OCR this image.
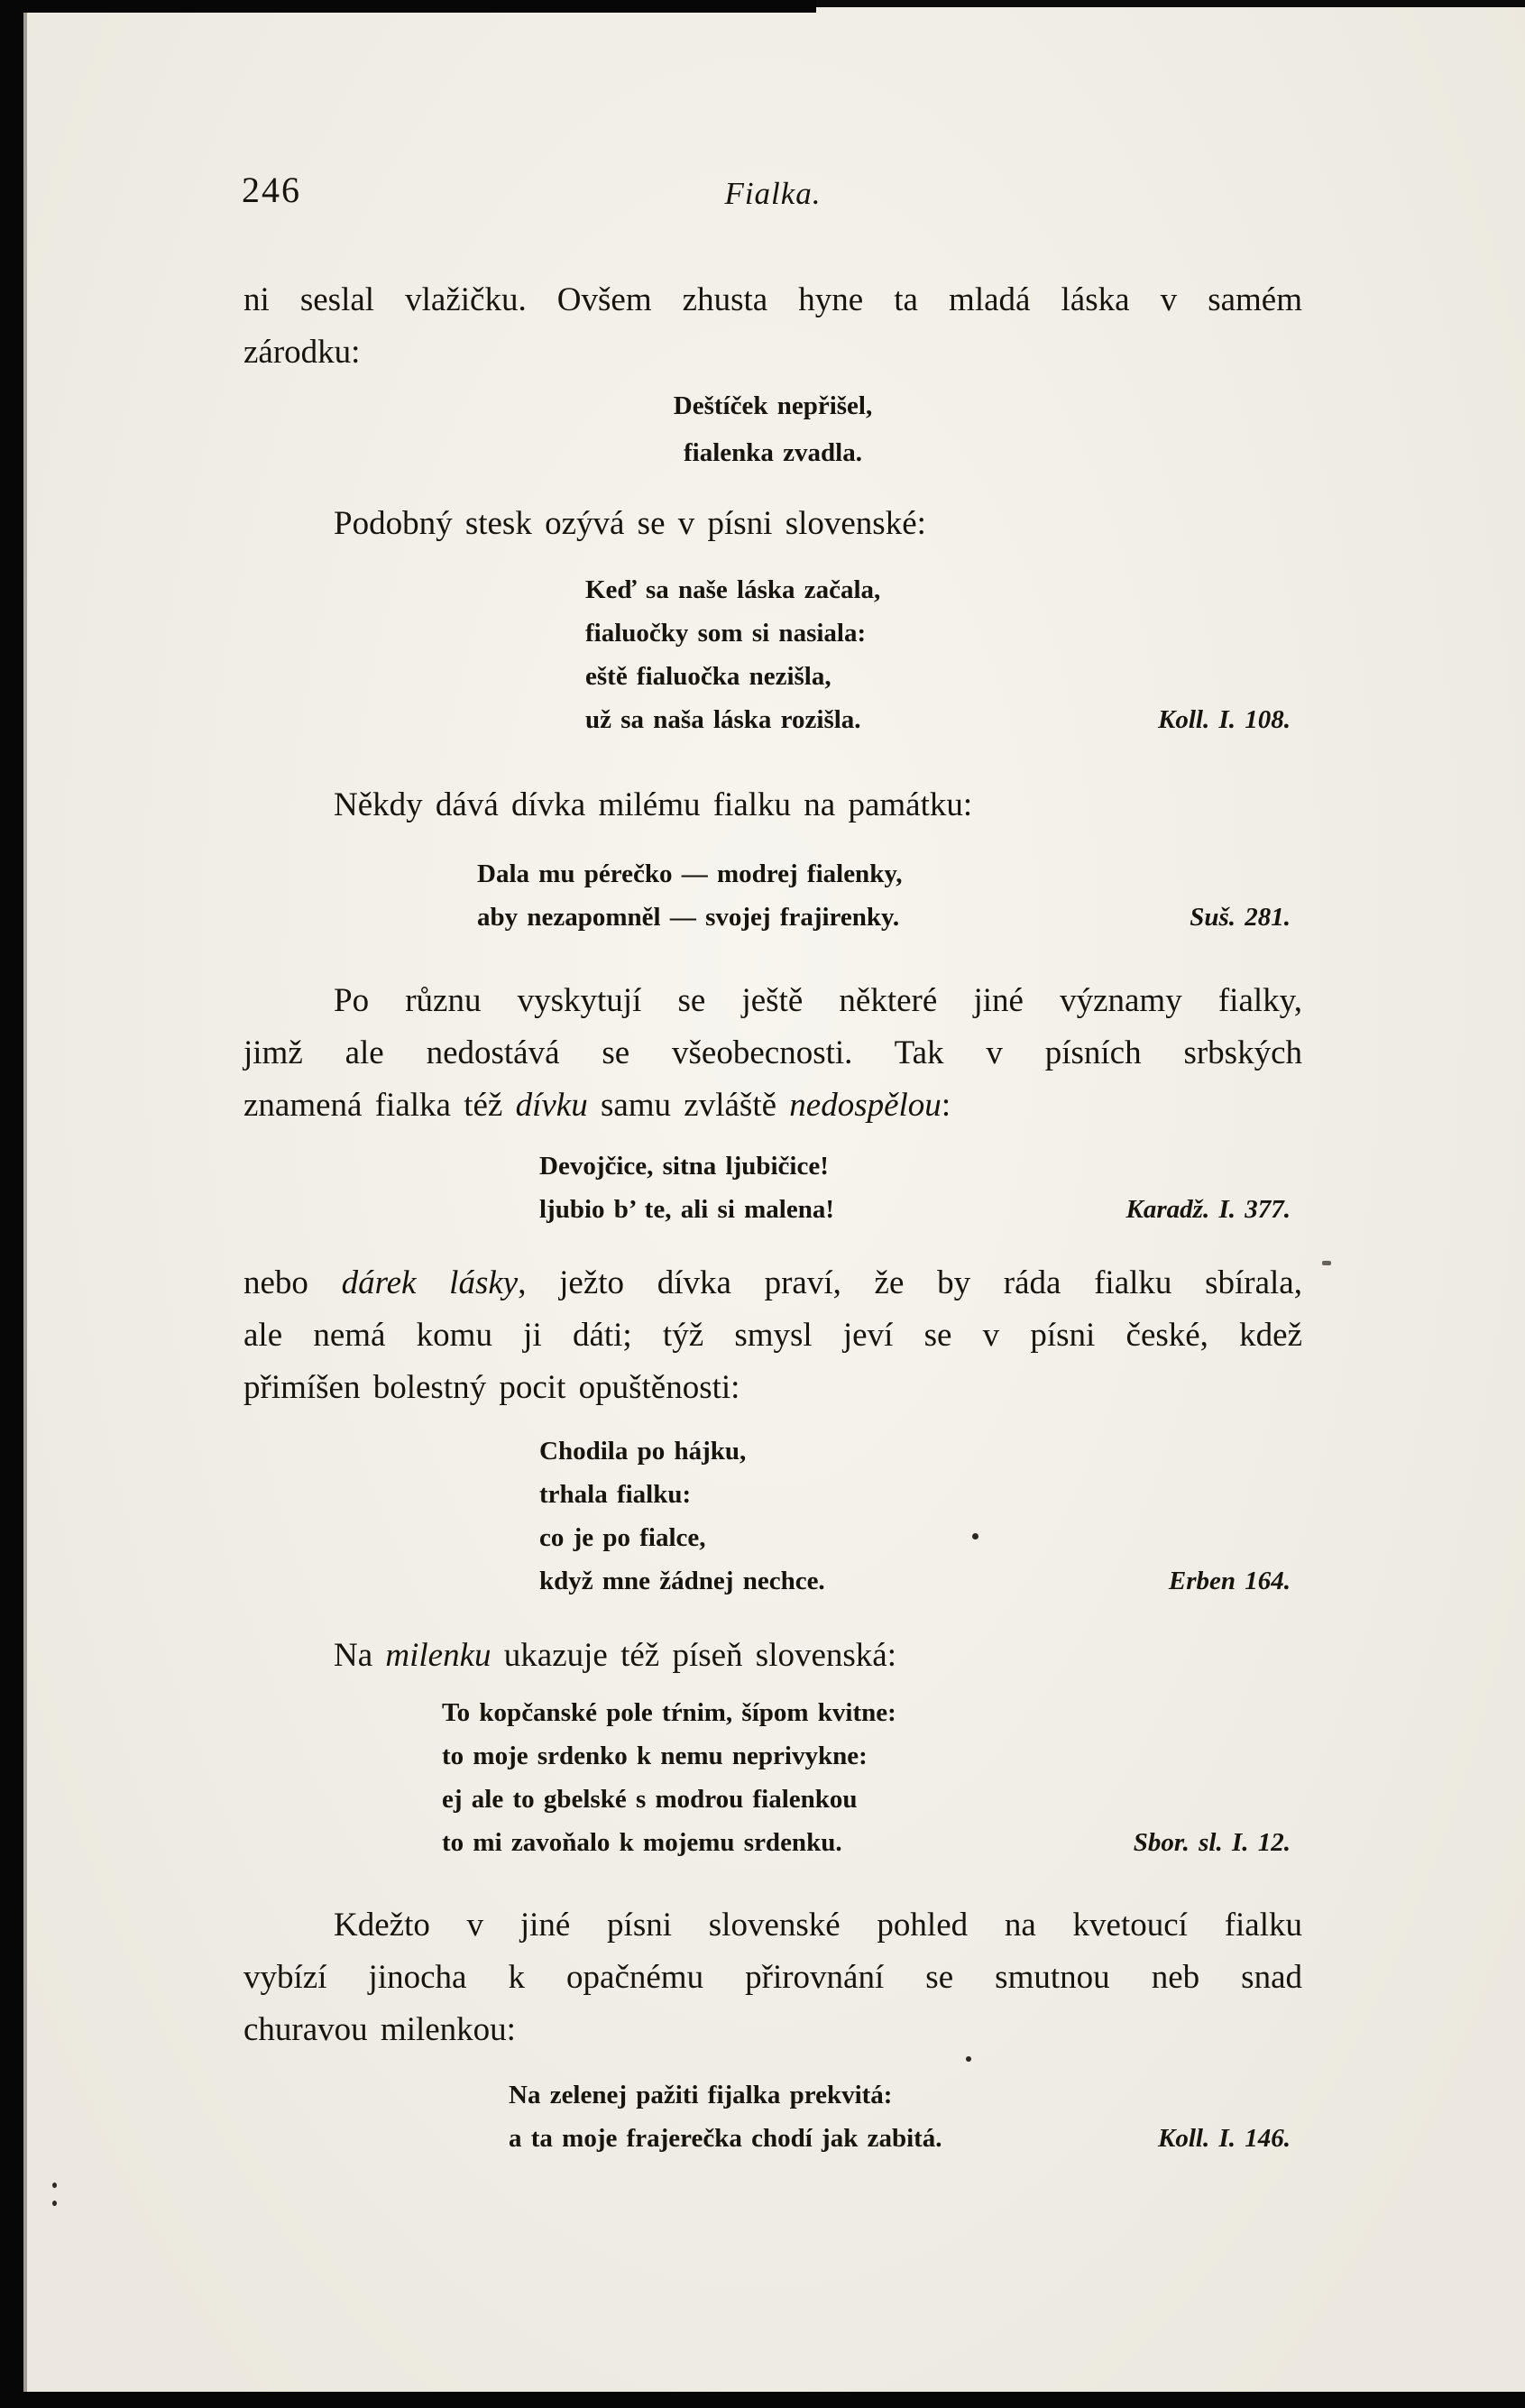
246	Fialka.
ni seslal vlažičku. Ovšem zhusta hyne ta mladá láska v samém
zárodku:
Deštíček nepřišel,
fialenka zvadla.
Podobný stesk ozývá se v písni slovenské:
Keď sa naše láska začala,
fialuočky som si nasiala:
eště fialuočka nezišla,
už sa naša láska rozišla.	Koll. I. 108.
Někdy dává dívka milému fialku na památku:
Dala mu pérečko — modrej fialenky,
aby nezapomněl — svojej frajirenky.	Suš. 281.
Po různu vyskytují se ještě některé jiné významy fialky,
jimž ale nedostává se všeobecnosti. Tak v písních srbských
znamená fialka též dívku samu zvláště nedospělou:
Devojčice, sitna ljubičice!
ljubio b’ te, ali si malena!	Karadž. I. 377.
nebo dárek lásky, ježto dívka praví, že by ráda fialku sbírala,
ale nemá komu ji dáti; týž smysl jeví se v písni české, kdež
přimíšen bolestný pocit opuštěnosti:
Chodila po hájku,
trhala fialku:
co je po fialce,
když mne žádnej nechce.	Erben 164.
Na milenku ukazuje též píseň slovenská:
To kopčanské pole tŕnim, šípom kvitne:
to moje srdenko k nemu neprivykne:
ej ale to gbelské s modrou fialenkou
to mi zavoňalo k mojemu srdenku.	Sbor. sl. I. 12.
Kdežto v jiné písni slovenské pohled na kvetoucí fialku
vybízí jinocha k opačnému přirovnání se smutnou neb snad
churavou milenkou:
Na zelenej pažiti fijalka prekvitá:
a ta moje frajerečka chodí jak zabitá.	Koll. I. 146.
